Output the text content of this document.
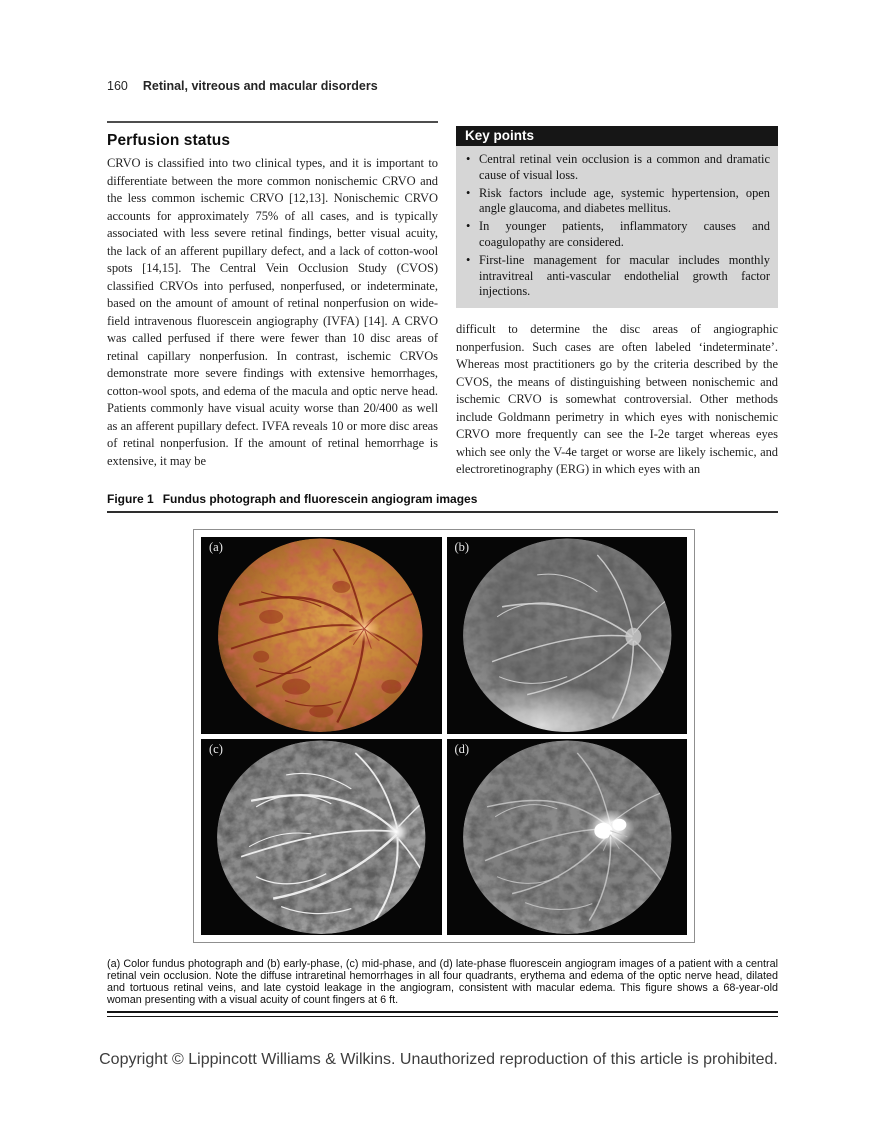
160 Retinal, vitreous and macular disorders
Perfusion status

CRVO is classified into two clinical types, and it is important to differentiate between the more common nonischemic CRVO and the less common ischemic CRVO [12,13]. Nonischemic CRVO accounts for approximately 75% of all cases, and is typically associated with less severe retinal findings, better visual acuity, the lack of an afferent pupillary defect, and a lack of cotton-wool spots [14,15]. The Central Vein Occlusion Study (CVOS) classified CRVOs into perfused, nonperfused, or indeterminate, based on the amount of amount of retinal nonperfusion on wide-field intravenous fluorescein angiography (IVFA) [14]. A CRVO was called perfused if there were fewer than 10 disc areas of retinal capillary nonperfusion. In contrast, ischemic CRVOs demonstrate more severe findings with extensive hemorrhages, cotton-wool spots, and edema of the macula and optic nerve head. Patients commonly have visual acuity worse than 20/400 as well as an afferent pupillary defect. IVFA reveals 10 or more disc areas of retinal nonperfusion. If the amount of retinal hemorrhage is extensive, it may be

Key points
• Central retinal vein occlusion is a common and dramatic cause of visual loss.
• Risk factors include age, systemic hypertension, open angle glaucoma, and diabetes mellitus.
• In younger patients, inflammatory causes and coagulopathy are considered.
• First-line management for macular includes monthly intravitreal anti-vascular endothelial growth factor injections.

difficult to determine the disc areas of angiographic nonperfusion. Such cases are often labeled ‘indeterminate’. Whereas most practitioners go by the criteria described by the CVOS, the means of distinguishing between nonischemic and ischemic CRVO is somewhat controversial. Other methods include Goldmann perimetry in which eyes with nonischemic CRVO more frequently can see the I-2e target whereas eyes which see only the V-4e target or worse are likely ischemic, and electroretinography (ERG) in which eyes with an

Figure 1 Fundus photograph and fluorescein angiogram images
(a)	(b)
(c)	(d)

(a) Color fundus photograph and (b) early-phase, (c) mid-phase, and (d) late-phase fluorescein angiogram images of a patient with a central retinal vein occlusion. Note the diffuse intraretinal hemorrhages in all four quadrants, erythema and edema of the optic nerve head, dilated and tortuous retinal veins, and late cystoid leakage in the angiogram, consistent with macular edema. This figure shows a 68-year-old woman presenting with a visual acuity of count fingers at 6 ft.

Copyright © Lippincott Williams & Wilkins. Unauthorized reproduction of this article is prohibited.
